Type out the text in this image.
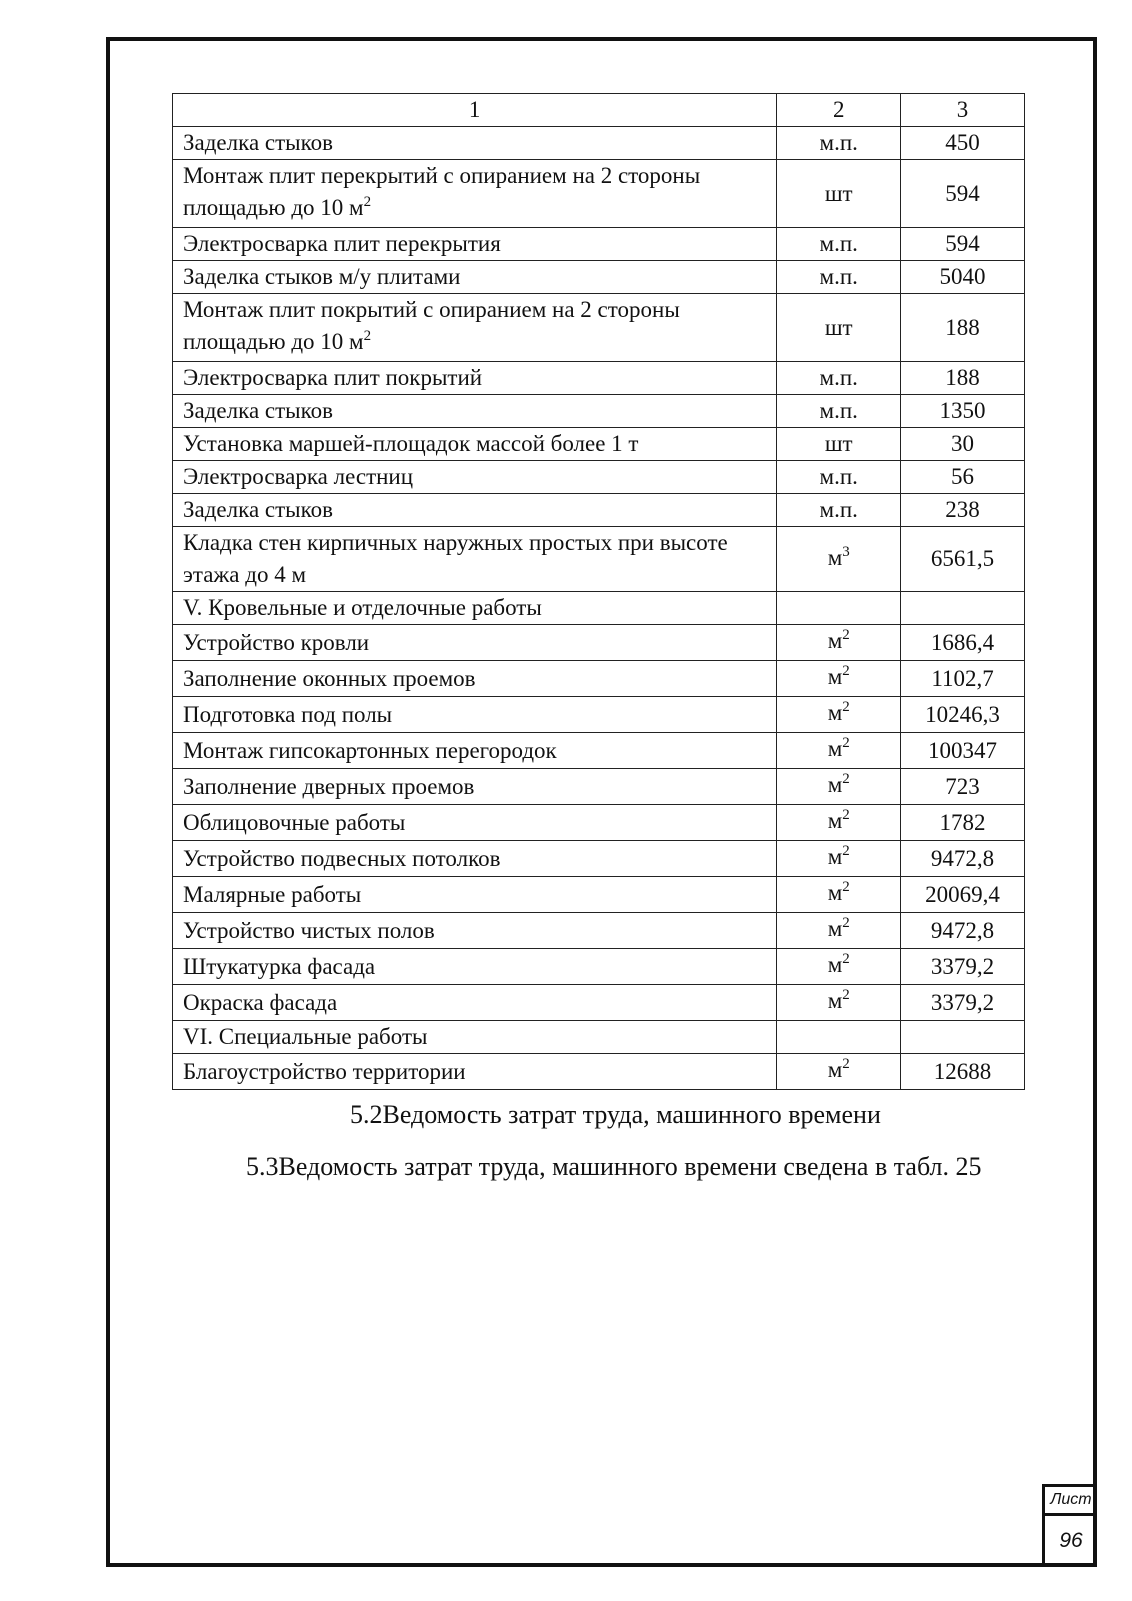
1	2	3
Заделка стыков	м.п.	450
Монтаж плит перекрытий с опиранием на 2 стороны площадью до 10 $м^2$	шт	594
Электросварка плит перекрытия	м.п.	594
Заделка стыков м/у плитами	м.п.	5040
Монтаж плит покрытий с опиранием на 2 стороны площадью до 10 $м^2$	шт	188
Электросварка плит покрытий	м.п.	188
Заделка стыков	м.п.	1350
Установка маршей-площадок массой более 1 т	шт	30
Электросварка лестниц	м.п.	56
Заделка стыков	м.п.	238
Кладка стен кирпичных наружных простых при высоте этажа до 4 м	$м^3$	6561,5
V. Кровельные и отделочные работы		
Устройство кровли	$м^2$	1686,4
Заполнение оконных проемов	$м^2$	1102,7
Подготовка под полы	$м^2$	10246,3
Монтаж гипсокартонных перегородок	$м^2$	100347
Заполнение дверных проемов	$м^2$	723
Облицовочные работы	$м^2$	1782
Устройство подвесных потолков	$м^2$	9472,8
Малярные работы	$м^2$	20069,4
Устройство чистых полов	$м^2$	9472,8
Штукатурка фасада	$м^2$	3379,2
Окраска фасада	$м^2$	3379,2
VI. Специальные работы		
Благоустройство территории	$м^2$	12688
5.2Ведомость затрат труда, машинного времени
5.3Ведомость затрат труда, машинного времени сведена в табл. 25
Лист
96
